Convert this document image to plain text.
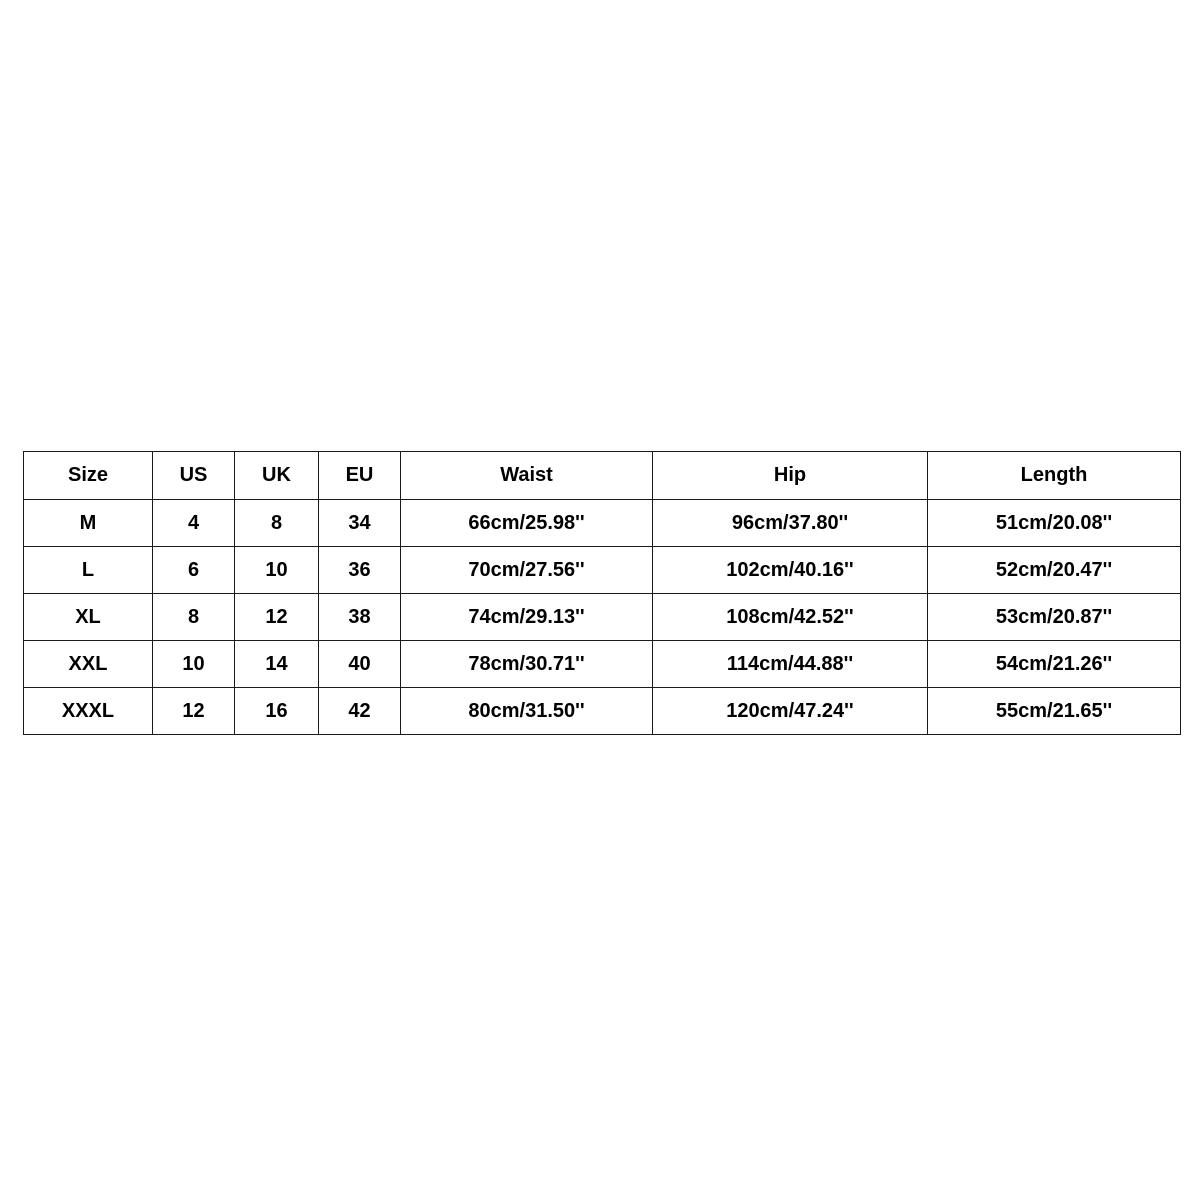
Size	US	UK	EU	Waist	Hip	Length
M	4	8	34	66cm/25.98''	96cm/37.80''	51cm/20.08''
L	6	10	36	70cm/27.56''	102cm/40.16''	52cm/20.47''
XL	8	12	38	74cm/29.13''	108cm/42.52''	53cm/20.87''
XXL	10	14	40	78cm/30.71''	114cm/44.88''	54cm/21.26''
XXXL	12	16	42	80cm/31.50''	120cm/47.24''	55cm/21.65''
